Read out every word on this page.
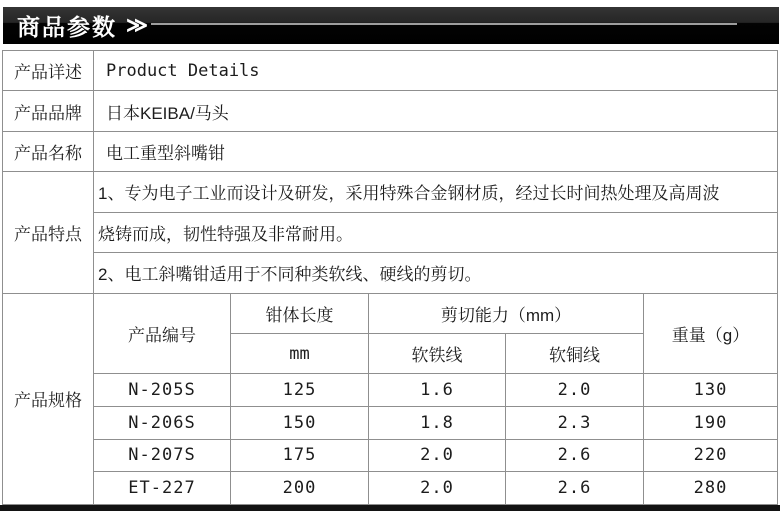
商品参数 ≫
产品详述	Product Details				
产品品牌	日本KEIBA/马头				
产品名称	电工重型斜嘴钳				
产品特点	1、专为电子工业而设计及研发，采用特殊合金钢材质，经过长时间热处理及高周波				
	烧铸而成，韧性特强及非常耐用。				
	2、电工斜嘴钳适用于不同种类软线、硬线的剪切。				
产品规格	产品编号	钳体长度	剪切能力（mm）		重量（g）
		mm	软铁线	软铜线	
	N-205S	125	1.6	2.0	130
	N-206S	150	1.8	2.3	190
	N-207S	175	2.0	2.6	220
	ET-227	200	2.0	2.6	280
